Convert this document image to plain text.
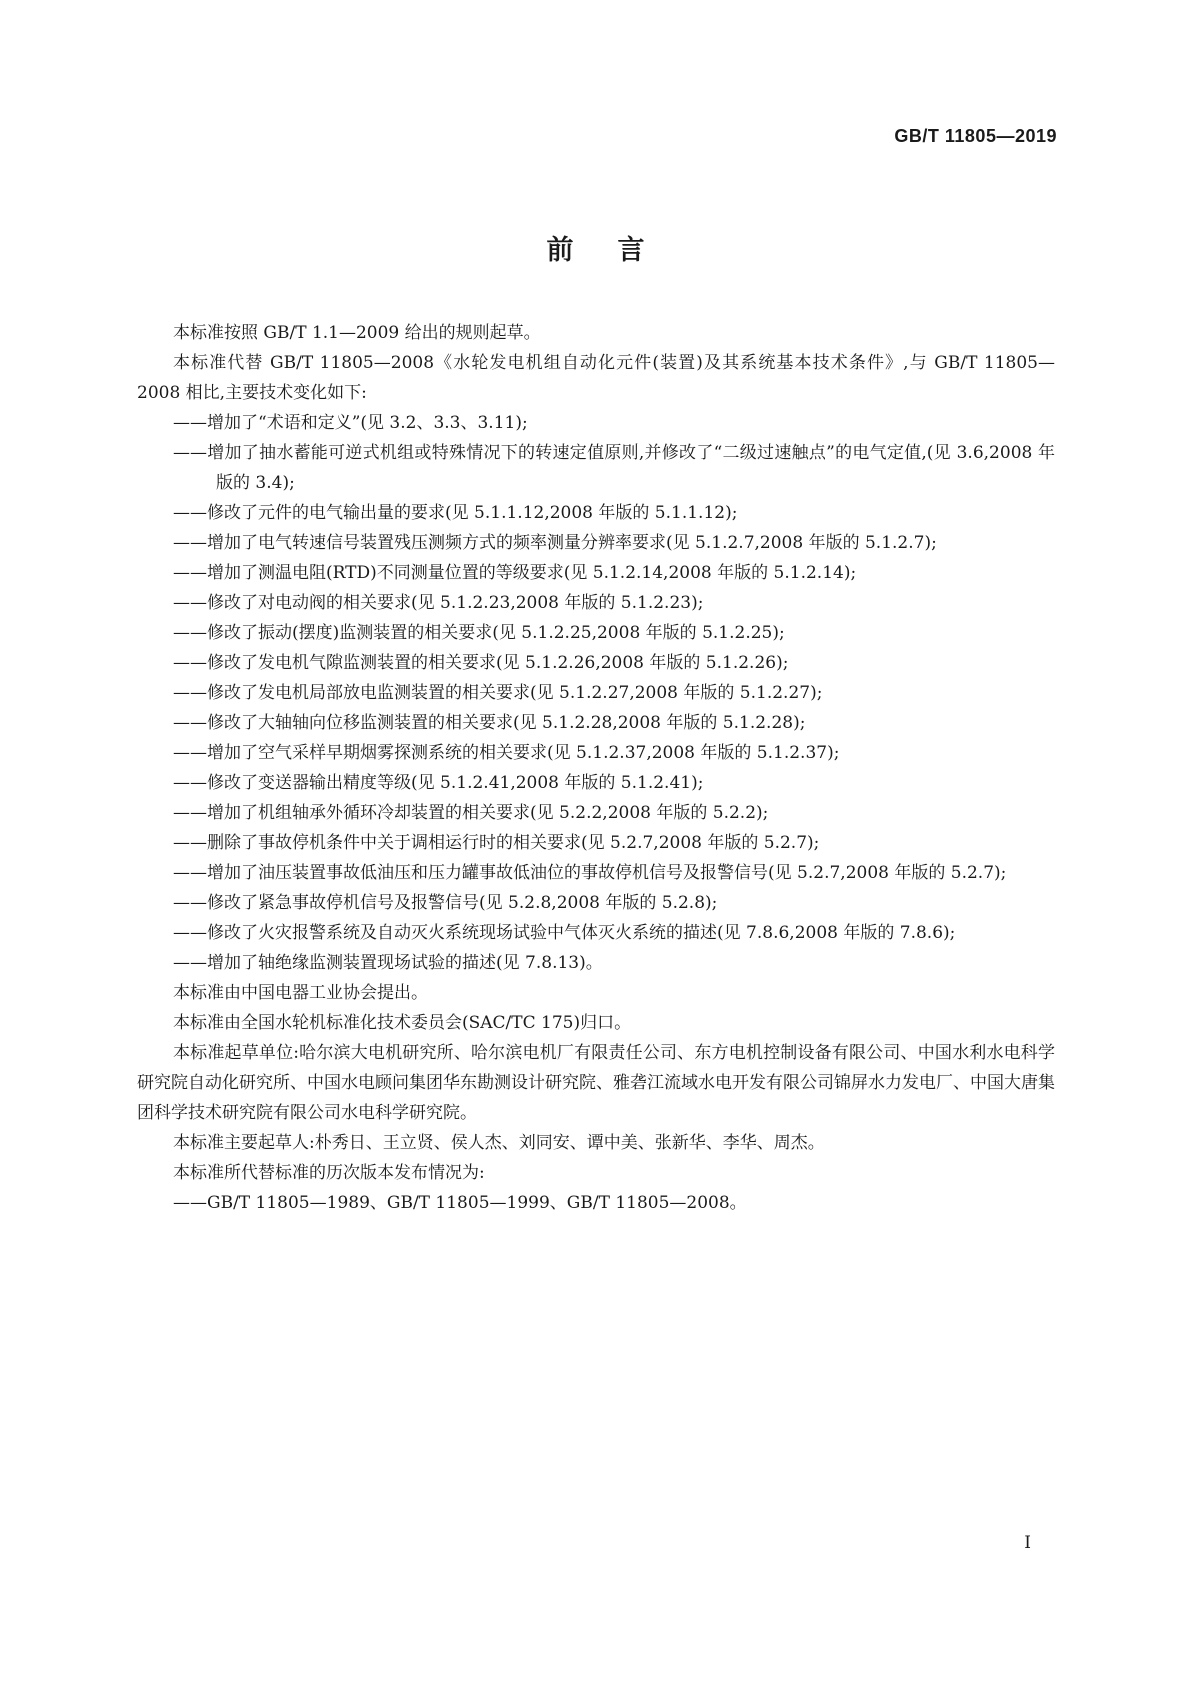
GB/T 11805—2019
前言

本标准按照 GB/T 1.1—2009 给出的规则起草。

本标准代替 GB/T 11805—2008《水轮发电机组自动化元件(装置)及其系统基本技术条件》,与 GB/T 11805—2008 相比,主要技术变化如下:

——增加了“术语和定义”(见 3.2、3.3、3.11);

——增加了抽水蓄能可逆式机组或特殊情况下的转速定值原则,并修改了“二级过速触点”的电气定值,(见 3.6,2008 年版的 3.4);

——修改了元件的电气输出量的要求(见 5.1.1.12,2008 年版的 5.1.1.12);

——增加了电气转速信号装置残压测频方式的频率测量分辨率要求(见 5.1.2.7,2008 年版的 5.1.2.7);

——增加了测温电阻(RTD)不同测量位置的等级要求(见 5.1.2.14,2008 年版的 5.1.2.14);

——修改了对电动阀的相关要求(见 5.1.2.23,2008 年版的 5.1.2.23);

——修改了振动(摆度)监测装置的相关要求(见 5.1.2.25,2008 年版的 5.1.2.25);

——修改了发电机气隙监测装置的相关要求(见 5.1.2.26,2008 年版的 5.1.2.26);

——修改了发电机局部放电监测装置的相关要求(见 5.1.2.27,2008 年版的 5.1.2.27);

——修改了大轴轴向位移监测装置的相关要求(见 5.1.2.28,2008 年版的 5.1.2.28);

——增加了空气采样早期烟雾探测系统的相关要求(见 5.1.2.37,2008 年版的 5.1.2.37);

——修改了变送器输出精度等级(见 5.1.2.41,2008 年版的 5.1.2.41);

——增加了机组轴承外循环冷却装置的相关要求(见 5.2.2,2008 年版的 5.2.2);

——删除了事故停机条件中关于调相运行时的相关要求(见 5.2.7,2008 年版的 5.2.7);

——增加了油压装置事故低油压和压力罐事故低油位的事故停机信号及报警信号(见 5.2.7,2008 年版的 5.2.7);

——修改了紧急事故停机信号及报警信号(见 5.2.8,2008 年版的 5.2.8);

——修改了火灾报警系统及自动灭火系统现场试验中气体灭火系统的描述(见 7.8.6,2008 年版的 7.8.6);

——增加了轴绝缘监测装置现场试验的描述(见 7.8.13)。

本标准由中国电器工业协会提出。

本标准由全国水轮机标准化技术委员会(SAC/TC 175)归口。

本标准起草单位:哈尔滨大电机研究所、哈尔滨电机厂有限责任公司、东方电机控制设备有限公司、中国水利水电科学研究院自动化研究所、中国水电顾问集团华东勘测设计研究院、雅砻江流域水电开发有限公司锦屏水力发电厂、中国大唐集团科学技术研究院有限公司水电科学研究院。

本标准主要起草人:朴秀日、王立贤、侯人杰、刘同安、谭中美、张新华、李华、周杰。

本标准所代替标准的历次版本发布情况为:

——GB/T 11805—1989、GB/T 11805—1999、GB/T 11805—2008。

I
